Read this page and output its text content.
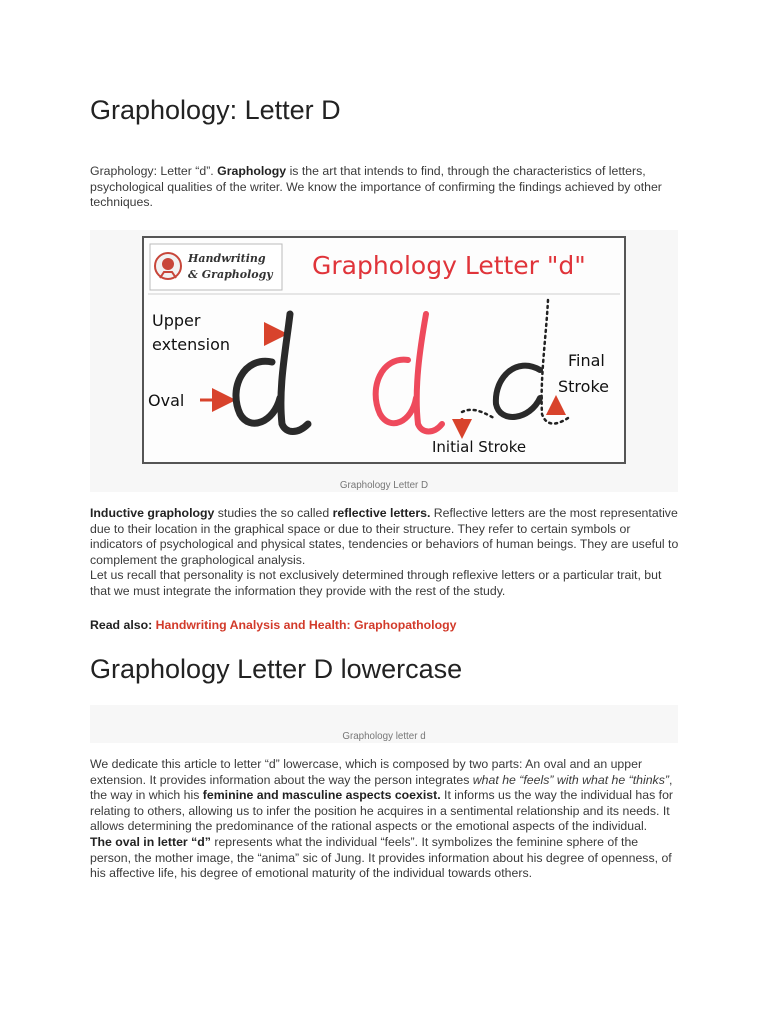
Graphology: Letter D

Graphology: Letter “d”. Graphology is the art that intends to find, through the characteristics of letters, psychological qualities of the writer. We know the importance of confirming the findings achieved by other techniques.

Handwriting
& Graphology Graphology Letter "d"
Upper
extension
Oval
Final
Stroke
Initial Stroke
Graphology Letter D

Inductive graphology studies the so called reflective letters. Reflective letters are the most representative due to their location in the graphical space or due to their structure. They refer to certain symbols or indicators of psychological and physical states, tendencies or behaviors of human beings. They are useful to complement the graphological analysis.
Let us recall that personality is not exclusively determined through reflexive letters or a particular trait, but that we must integrate the information they provide with the rest of the study.

Read also: Handwriting Analysis and Health: Graphopathology
Graphology Letter D lowercase
Graphology letter d

We dedicate this article to letter “d” lowercase, which is composed by two parts: An oval and an upper extension. It provides information about the way the person integrates what he “feels” with what he “thinks”, the way in which his feminine and masculine aspects coexist. It informs us the way the individual has for relating to others, allowing us to infer the position he acquires in a sentimental relationship and its needs. It allows determining the predominance of the rational aspects or the emotional aspects of the individual.
The oval in letter “d” represents what the individual “feels”. It symbolizes the feminine sphere of the person, the mother image, the “anima” sic of Jung. It provides information about his degree of openness, of his affective life, his degree of emotional maturity of the individual towards others.
